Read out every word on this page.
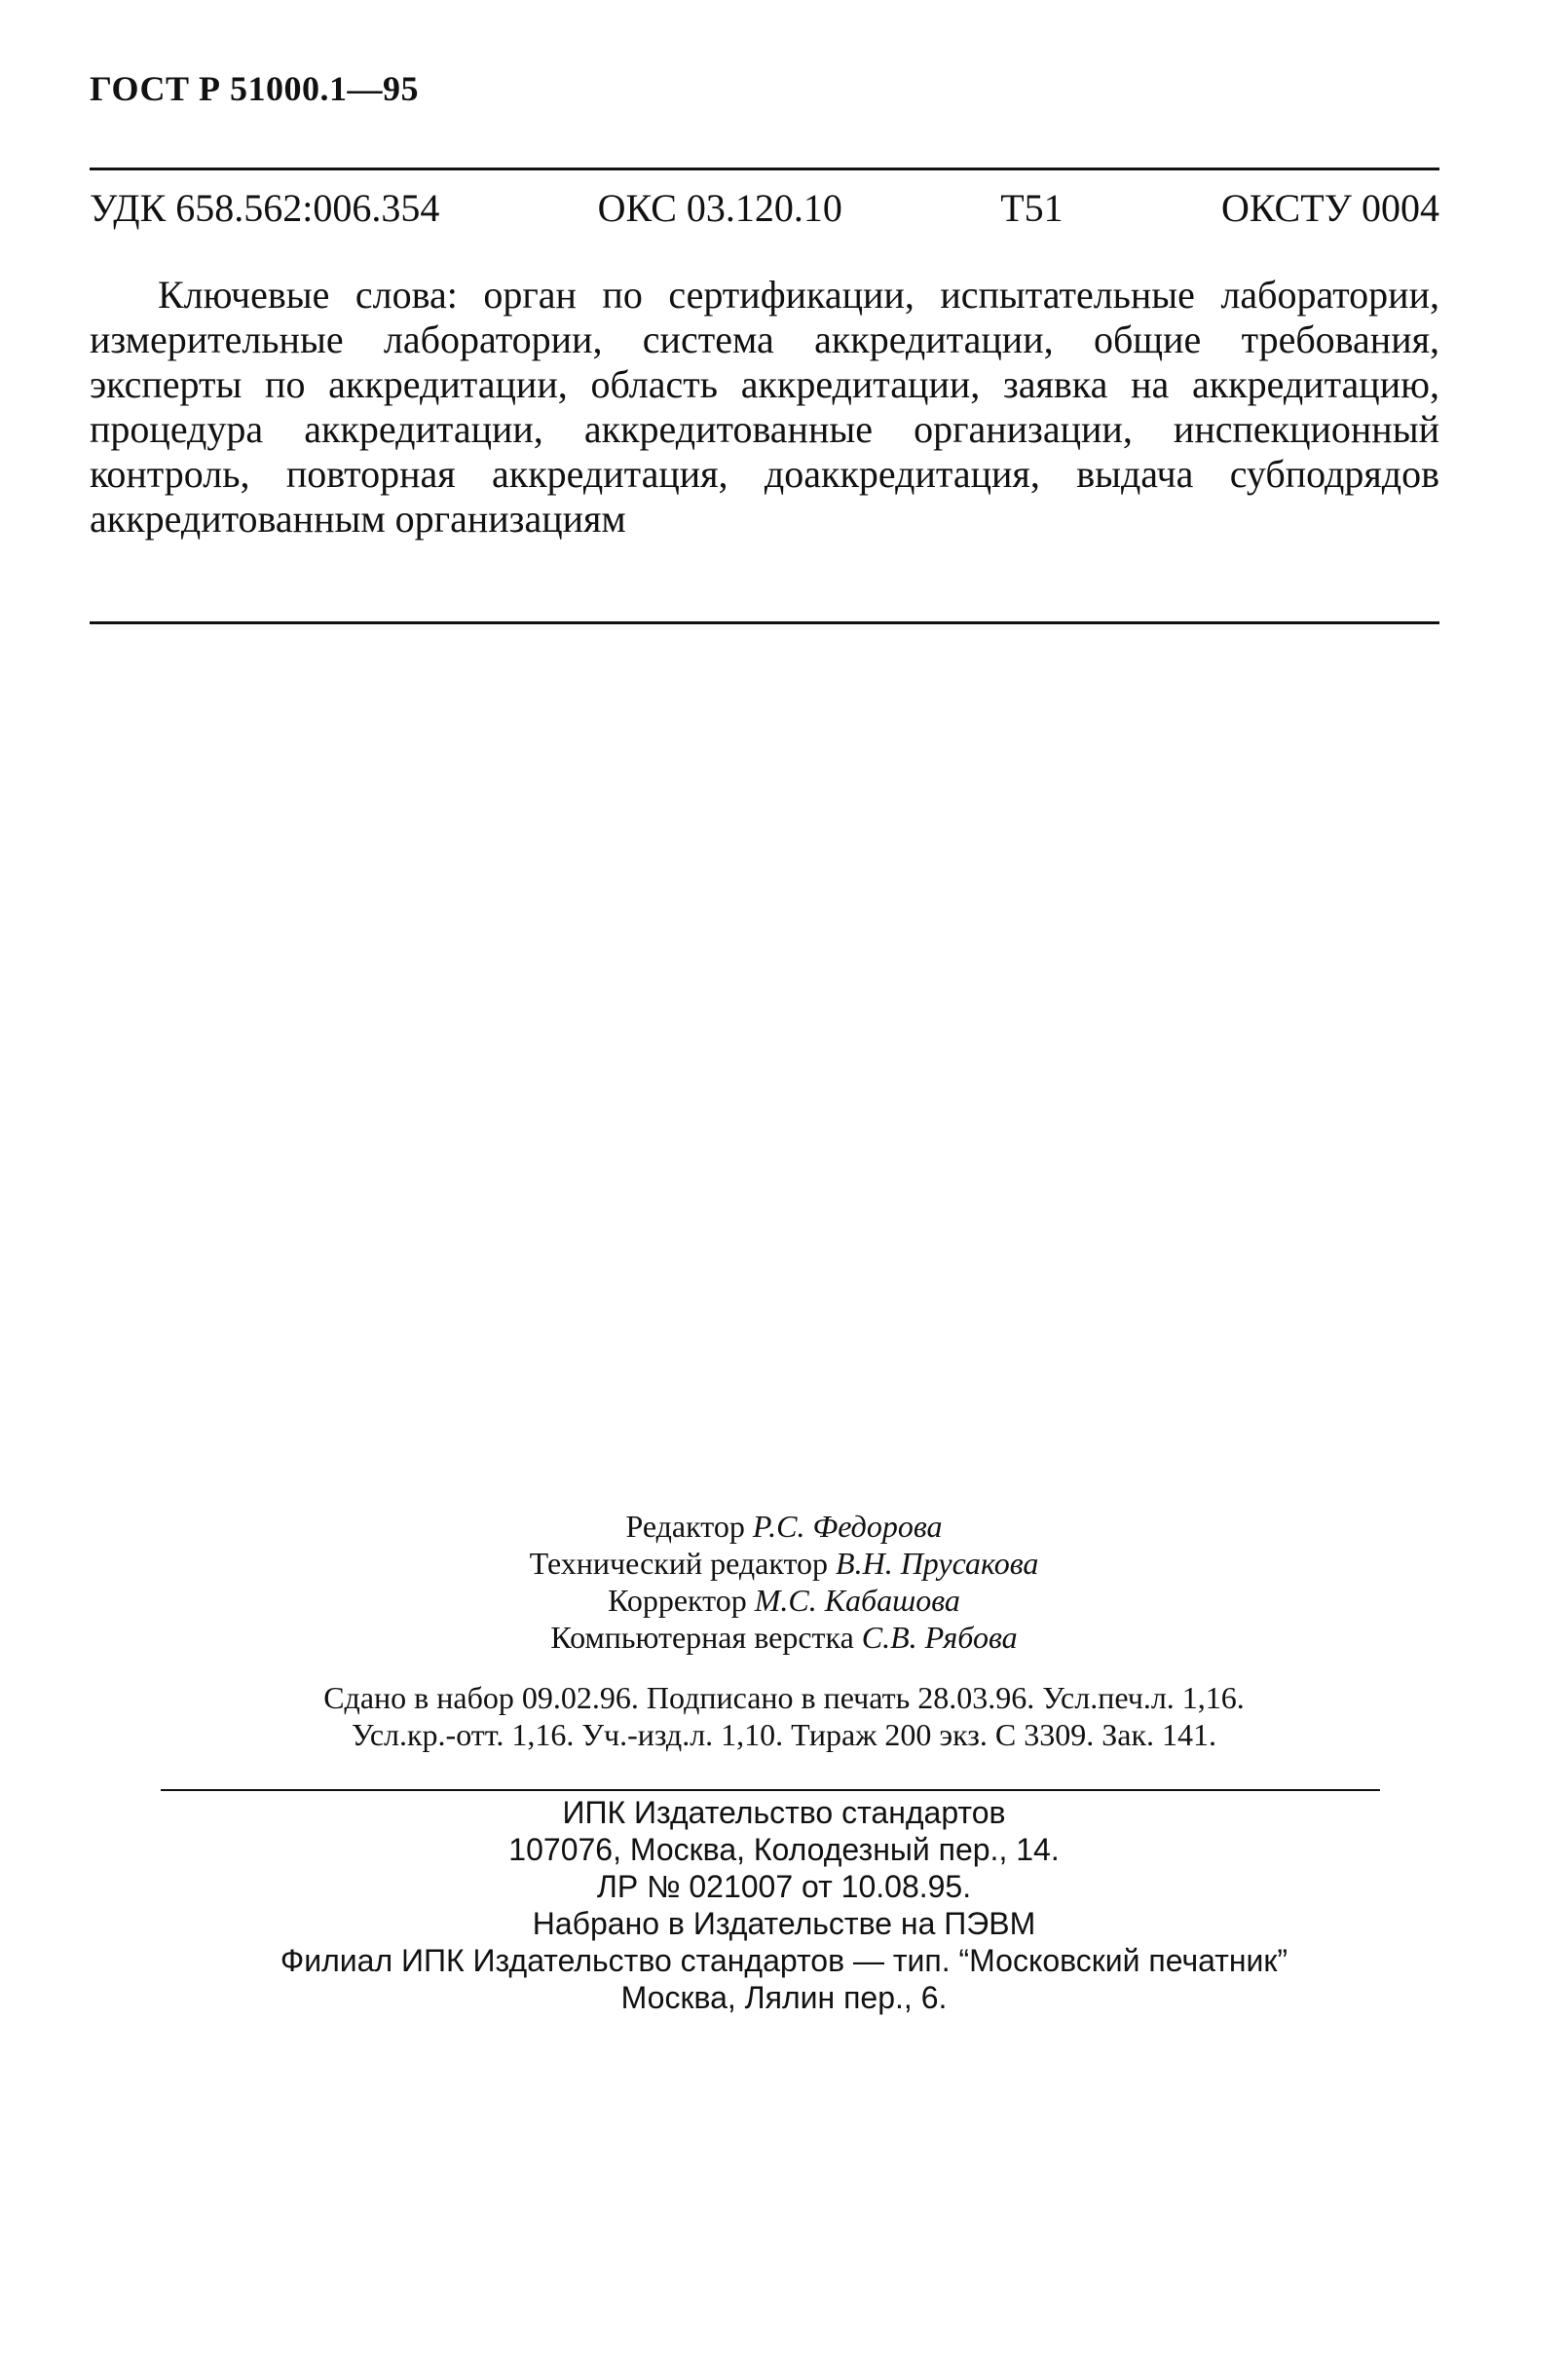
ГОСТ Р 51000.1—95
УДК 658.562:006.354	ОКС 03.120.10	Т51	ОКСТУ 0004
Ключевые слова: орган по сертификации, испытательные лаборатории, измерительные лаборатории, система аккредитации, общие требования, эксперты по аккредитации, область аккредитации, заявка на аккредитацию, процедура аккредитации, аккредитованные организации, инспекционный контроль, повторная аккредитация, доаккредитация, выдача субподрядов аккредитованным организациям
Редактор Р.С. Федорова
Технический редактор В.Н. Прусакова
Корректор М.С. Кабашова
Компьютерная верстка С.В. Рябова
Сдано в набор 09.02.96. Подписано в печать 28.03.96. Усл.печ.л. 1,16.
Усл.кр.-отт. 1,16. Уч.-изд.л. 1,10. Тираж 200 экз. С 3309. Зак. 141.
ИПК Издательство стандартов
107076, Москва, Колодезный пер., 14.
ЛР № 021007 от 10.08.95.
Набрано в Издательстве на ПЭВМ
Филиал ИПК Издательство стандартов — тип. “Московский печатник”
Москва, Лялин пер., 6.
